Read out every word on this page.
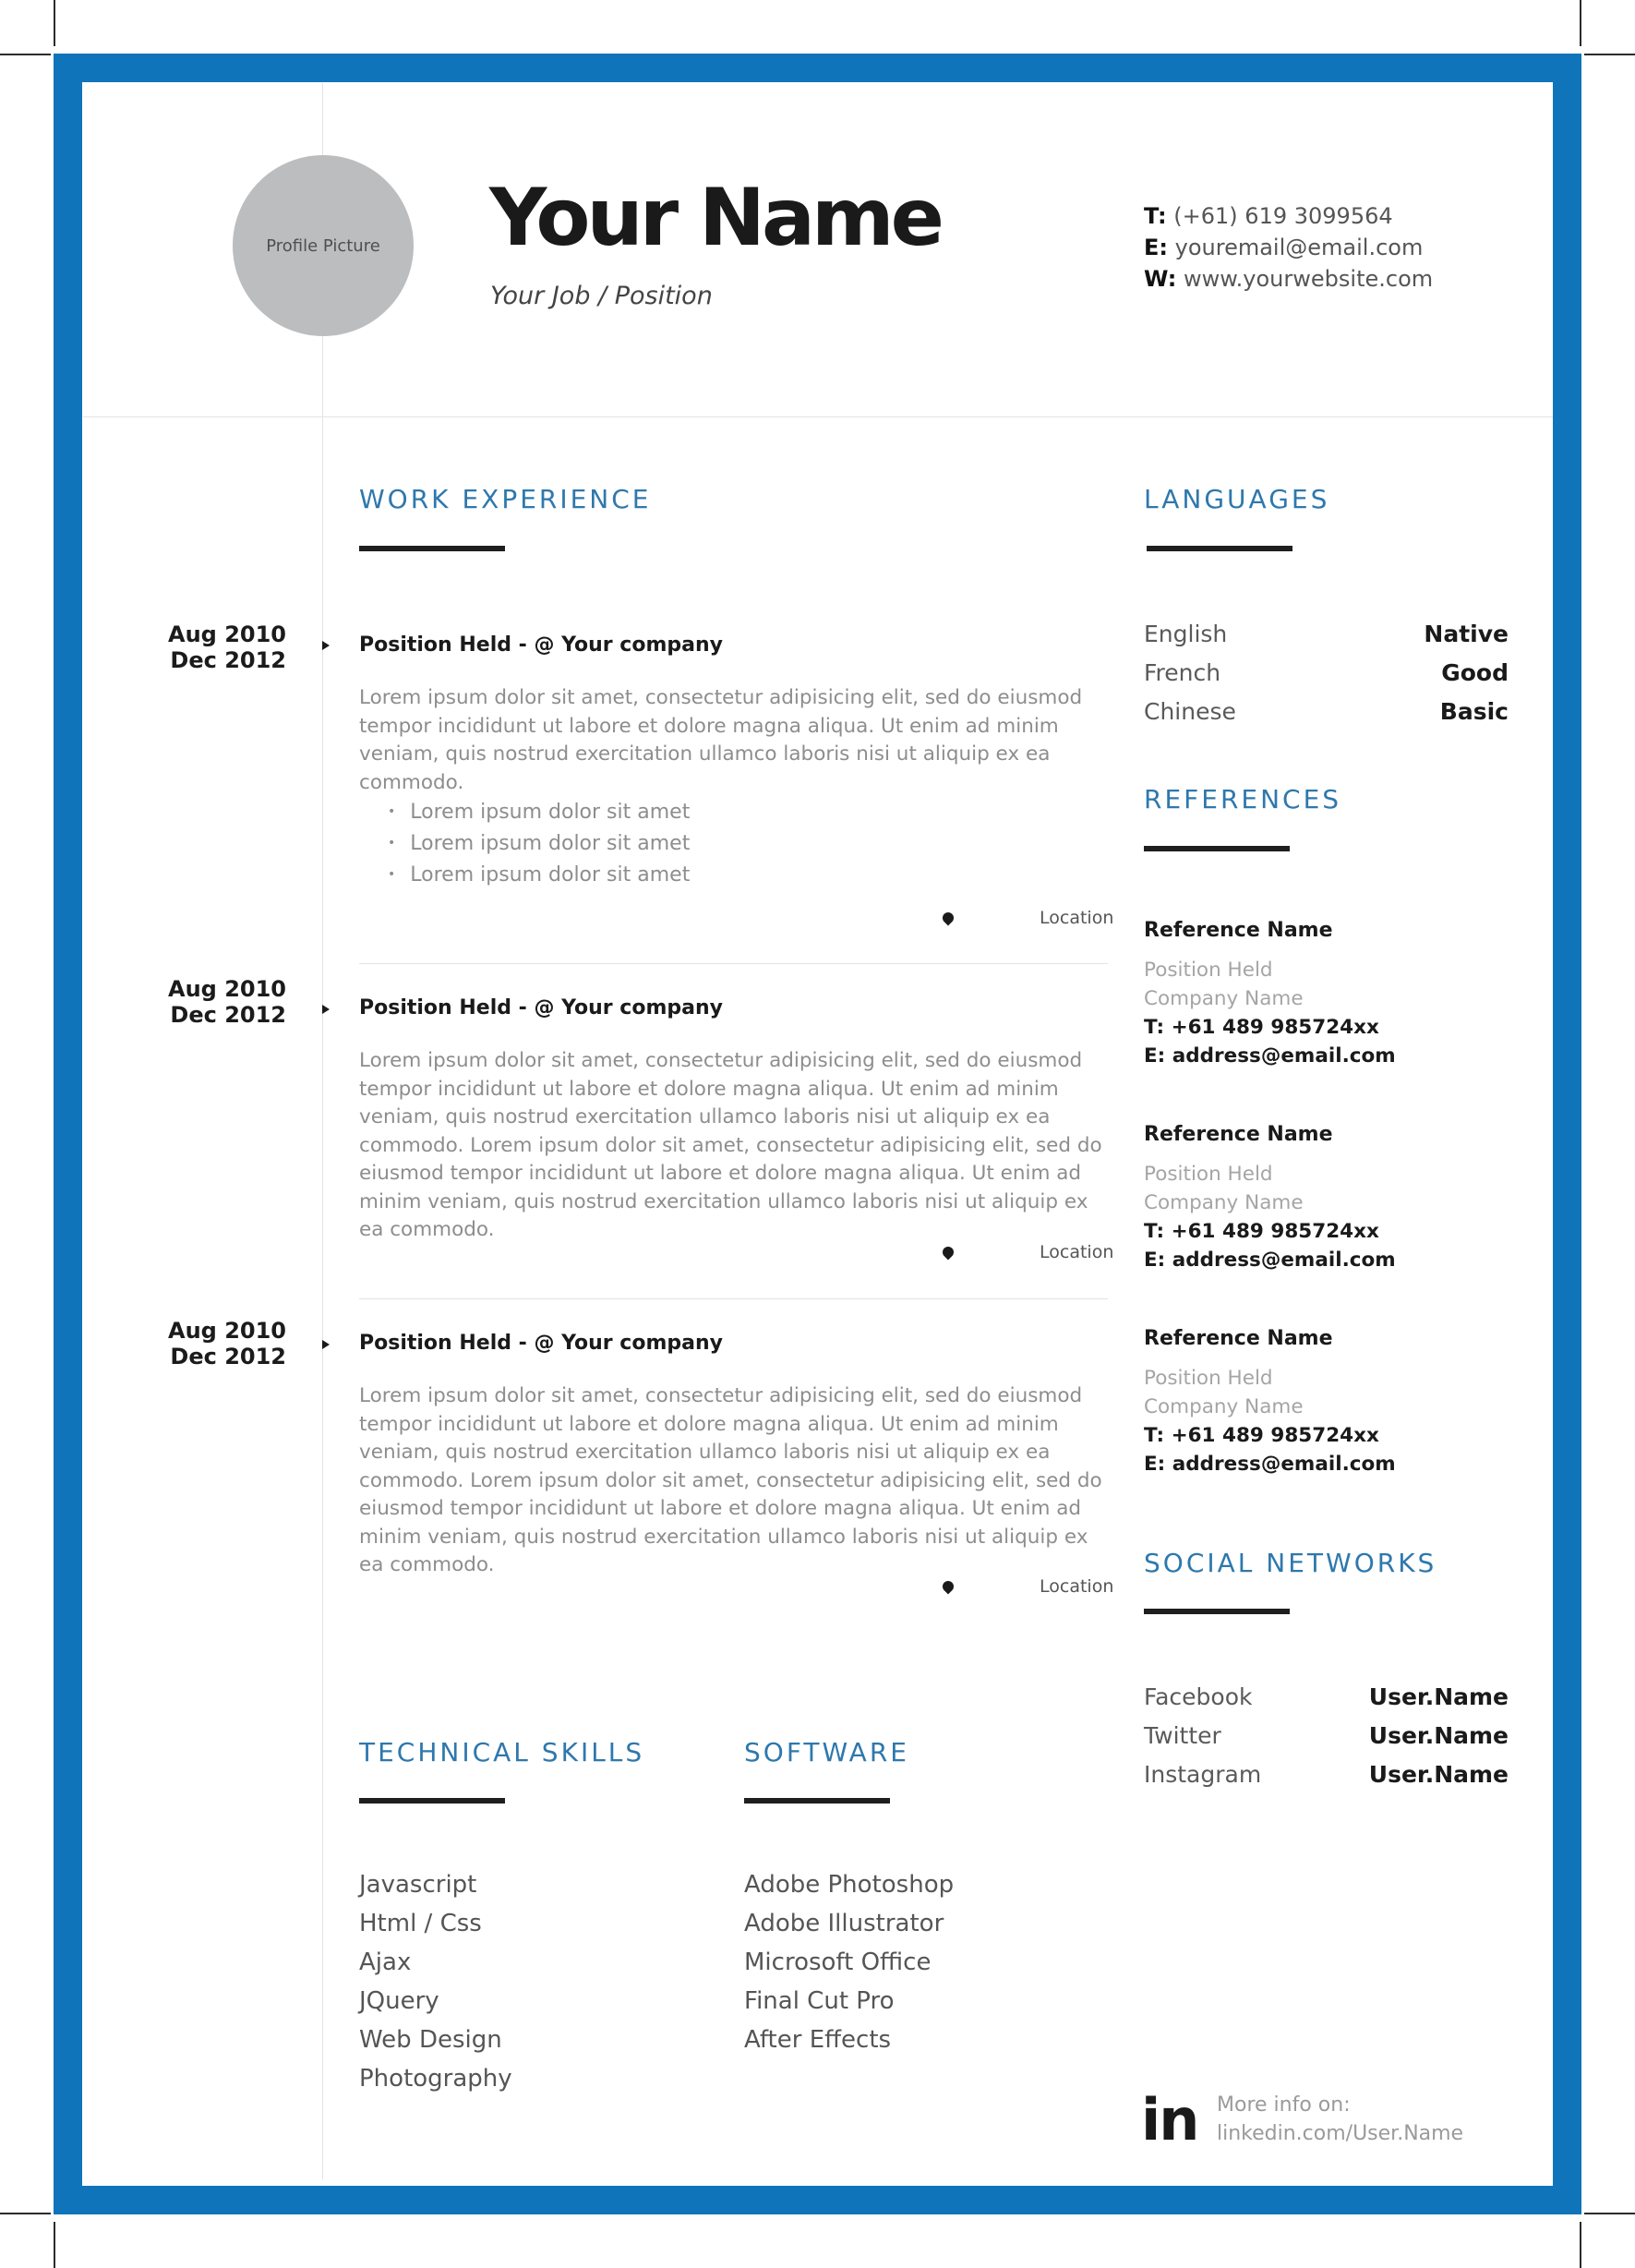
Profile Picture Your Name
Your Job / Position
T: (+61) 619 3099564
E: youremail@email.com
W: www.yourwebsite.com
WORK EXPERIENCE
Aug 2010
Dec 2012
Position Held - @ Your company
Lorem ipsum dolor sit amet, consectetur adipisicing elit, sed do eiusmod tempor incididunt ut labore et dolore magna aliqua. Ut enim ad minim veniam, quis nostrud exercitation ullamco laboris nisi ut aliquip ex ea commodo.
• Lorem ipsum dolor sit amet
• Lorem ipsum dolor sit amet
• Lorem ipsum dolor sit amet
Location
Aug 2010
Dec 2012	Position Held - @ Your company
Lorem ipsum dolor sit amet, consectetur adipisicing elit, sed do eiusmod tempor incididunt ut labore et dolore magna aliqua. Ut enim ad minim veniam, quis nostrud exercitation ullamco laboris nisi ut aliquip ex ea commodo. Lorem ipsum dolor sit amet, consectetur adipisicing elit, sed do eiusmod tempor incididunt ut labore et dolore magna aliqua. Ut enim ad minim veniam, quis nostrud exercitation ullamco laboris nisi ut aliquip ex ea commodo.
Location
Aug 2010
Dec 2012
Position Held - @ Your company
Lorem ipsum dolor sit amet, consectetur adipisicing elit, sed do eiusmod tempor incididunt ut labore et dolore magna aliqua. Ut enim ad minim veniam, quis nostrud exercitation ullamco laboris nisi ut aliquip ex ea commodo. Lorem ipsum dolor sit amet, consectetur adipisicing elit, sed do eiusmod tempor incididunt ut labore et dolore magna aliqua. Ut enim ad minim veniam, quis nostrud exercitation ullamco laboris nisi ut aliquip ex ea commodo.
Location
TECHNICAL SKILLS
Javascript
Html / Css
Ajax
JQuery
Web Design
Photography
SOFTWARE
Adobe Photoshop
Adobe Illustrator
Microsoft Office
Final Cut Pro
After Effects
LANGUAGES
English	Native
French	Good
Chinese	Basic
REFERENCES
Reference Name
Position Held
Company Name
T: +61 489 985724xx
E: address@email.com
Reference Name
Position Held
Company Name
T: +61 489 985724xx
E: address@email.com
Reference Name
Position Held
Company Name
T: +61 489 985724xx
E: address@email.com
SOCIAL NETWORKS
Facebook	User.Name
Twitter	User.Name
Instagram	User.Name
in More info on:
linkedin.com/User.Name
